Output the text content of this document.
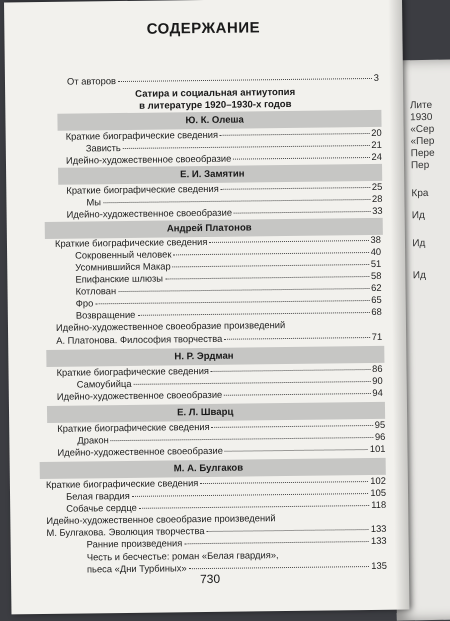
Лите
1930
«Сер
«Пер
Пере
Пер
Кра
Ид
Ид
Ид
СОДЕРЖАНИЕ
От авторов	3
Сатира и социальная антиутопия
в литературе 1920–1930-х годов
Ю. К. Олеша
Краткие биографические сведения	20
Зависть	21
Идейно-художественное своеобразие	24
Е. И. Замятин
Краткие биографические сведения	25
Мы	28
Идейно-художественное своеобразие	33
Андрей Платонов
Краткие биографические сведения	38
Сокровенный человек	40
Усомнившийся Макар	51
Епифанские шлюзы	58
Котлован	62
Фро	65
Возвращение	68
Идейно-художественное своеобразие произведений
А. Платонова. Философия творчества	71
Н. Р. Эрдман
Краткие биографические сведения	86
Самоубийца	90
Идейно-художественное своеобразие	94
Е. Л. Шварц
Краткие биографические сведения	95
Дракон	96
Идейно-художественное своеобразие	101
М. А. Булгаков
Краткие биографические сведения	102
Белая гвардия	105
Собачье сердце	118
Идейно-художественное своеобразие произведений
М. Булгакова. Эволюция творчества	133
Ранние произведения	133
Честь и бесчестье: роман «Белая гвардия»,
пьеса «Дни Турбиных»	135
730
